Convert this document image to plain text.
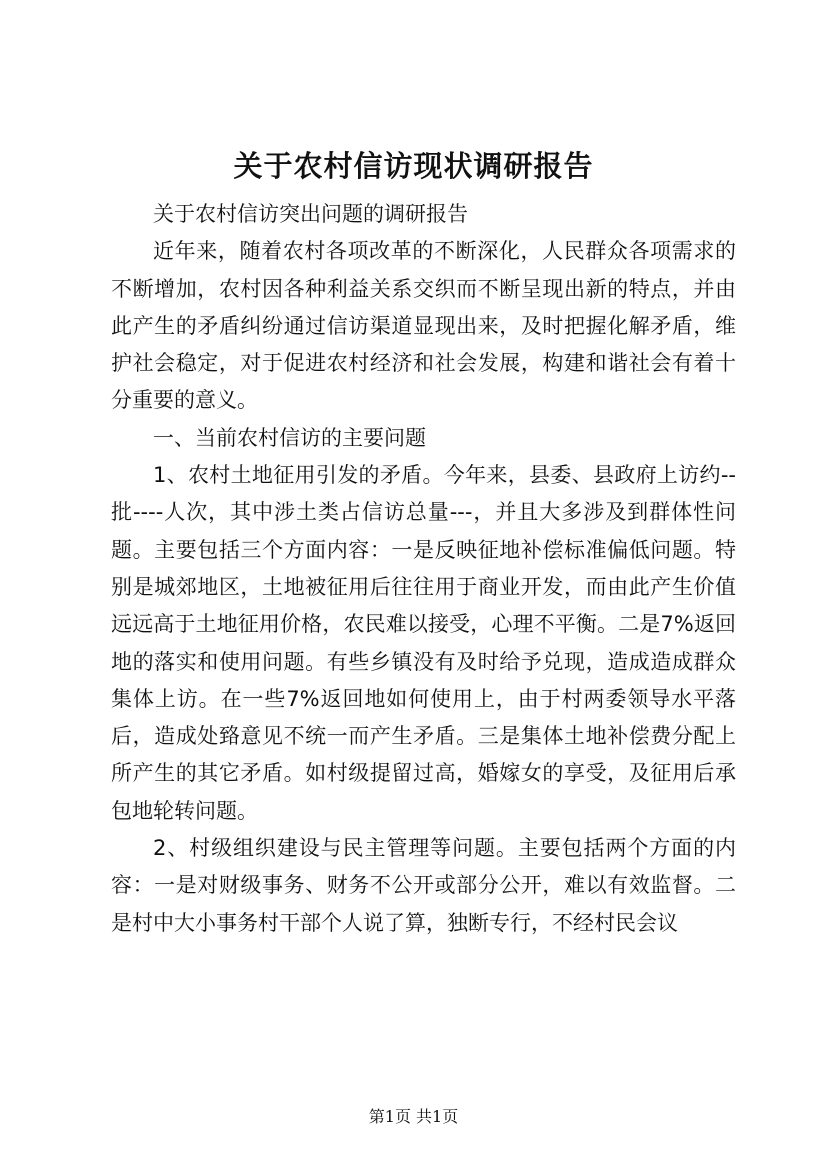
关于农村信访现状调研报告

关于农村信访突出问题的调研报告

近年来，随着农村各项改革的不断深化，人民群众各项需求的不断增加，农村因各种利益关系交织而不断呈现出新的特点，并由此产生的矛盾纠纷通过信访渠道显现出来，及时把握化解矛盾，维护社会稳定，对于促进农村经济和社会发展，构建和谐社会有着十分重要的意义。

一、当前农村信访的主要问题

1、农村土地征用引发的矛盾。今年来，县委、县政府上访约--批----人次，其中涉土类占信访总量---，并且大多涉及到群体性问题。主要包括三个方面内容：一是反映征地补偿标准偏低问题。特别是城郊地区，土地被征用后往往用于商业开发，而由此产生价值远远高于土地征用价格，农民难以接受，心理不平衡。二是7%返回地的落实和使用问题。有些乡镇没有及时给予兑现，造成造成群众集体上访。在一些7%返回地如何使用上，由于村两委领导水平落后，造成处臵意见不统一而产生矛盾。三是集体土地补偿费分配上所产生的其它矛盾。如村级提留过高，婚嫁女的享受，及征用后承包地轮转问题。

2、村级组织建设与民主管理等问题。主要包括两个方面的内容：一是对财级事务、财务不公开或部分公开，难以有效监督。二是村中大小事务村干部个人说了算，独断专行，不经村民会议

第1页 共1页
